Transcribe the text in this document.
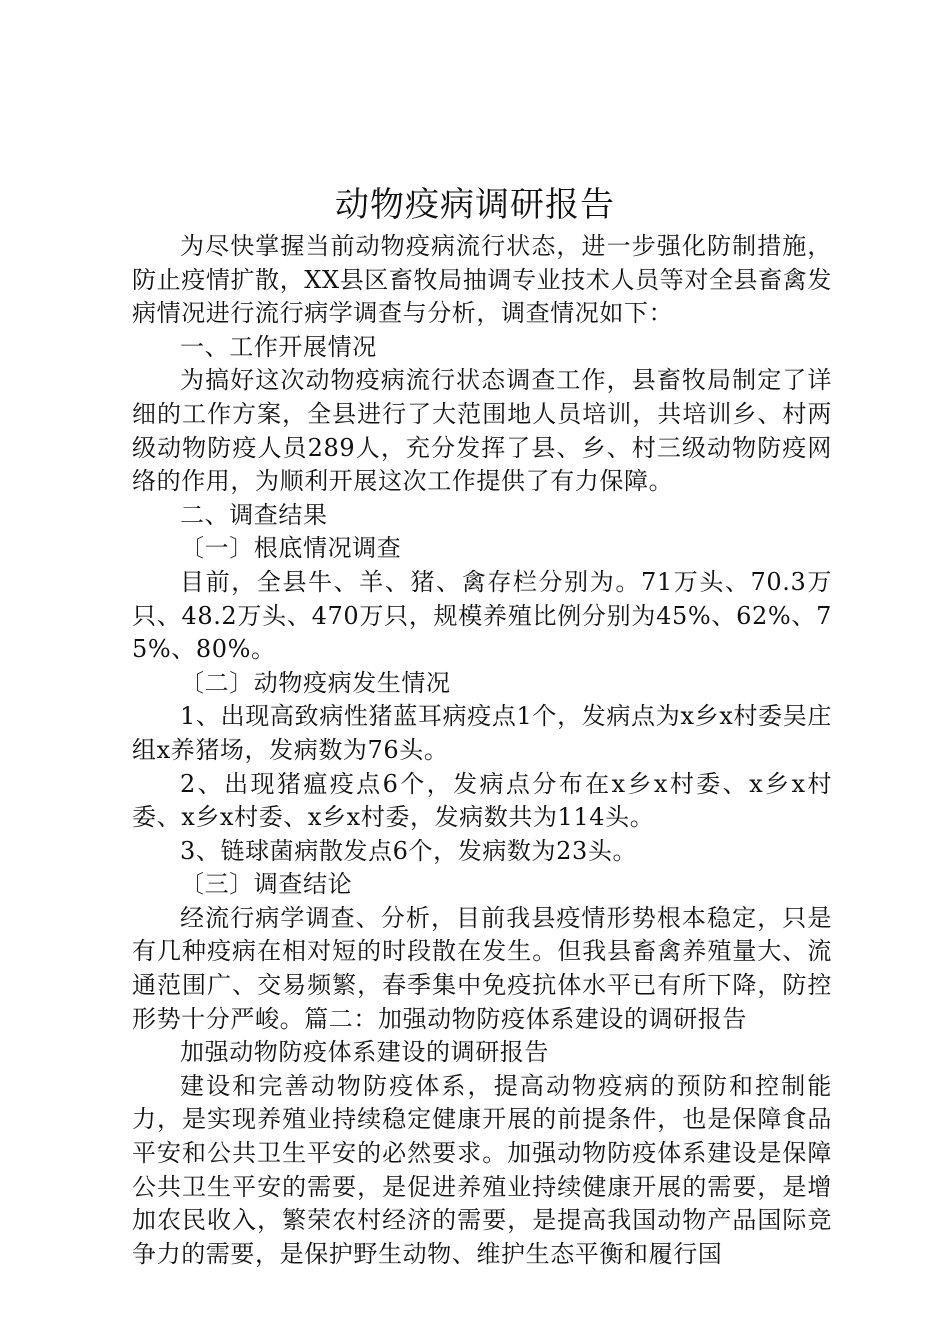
动物疫病调研报告

为尽快掌握当前动物疫病流行状态，进一步强化防制措施，防止疫情扩散，XX县区畜牧局抽调专业技术人员等对全县畜禽发病情况进行流行病学调查与分析，调查情况如下：

一、工作开展情况

为搞好这次动物疫病流行状态调查工作，县畜牧局制定了详细的工作方案，全县进行了大范围地人员培训，共培训乡、村两级动物防疫人员289人，充分发挥了县、乡、村三级动物防疫网络的作用，为顺利开展这次工作提供了有力保障。

二、调查结果

〔一〕根底情况调查

目前，全县牛、羊、猪、禽存栏分别为。71万头、70.3万只、48.2万头、470万只，规模养殖比例分别为45%、62%、75%、80%。

〔二〕动物疫病发生情况

1、出现高致病性猪蓝耳病疫点1个，发病点为x乡x村委吴庄组x养猪场，发病数为76头。

2、出现猪瘟疫点6个，发病点分布在x乡x村委、x乡x村委、x乡x村委、x乡x村委，发病数共为114头。

3、链球菌病散发点6个，发病数为23头。

〔三〕调查结论

经流行病学调查、分析，目前我县疫情形势根本稳定，只是有几种疫病在相对短的时段散在发生。但我县畜禽养殖量大、流通范围广、交易频繁，春季集中免疫抗体水平已有所下降，防控形势十分严峻。篇二：加强动物防疫体系建设的调研报告

加强动物防疫体系建设的调研报告

建设和完善动物防疫体系，提高动物疫病的预防和控制能力，是实现养殖业持续稳定健康开展的前提条件，也是保障食品平安和公共卫生平安的必然要求。加强动物防疫体系建设是保障公共卫生平安的需要，是促进养殖业持续健康开展的需要，是增加农民收入，繁荣农村经济的需要，是提高我国动物产品国际竞争力的需要，是保护野生动物、维护生态平衡和履行国
